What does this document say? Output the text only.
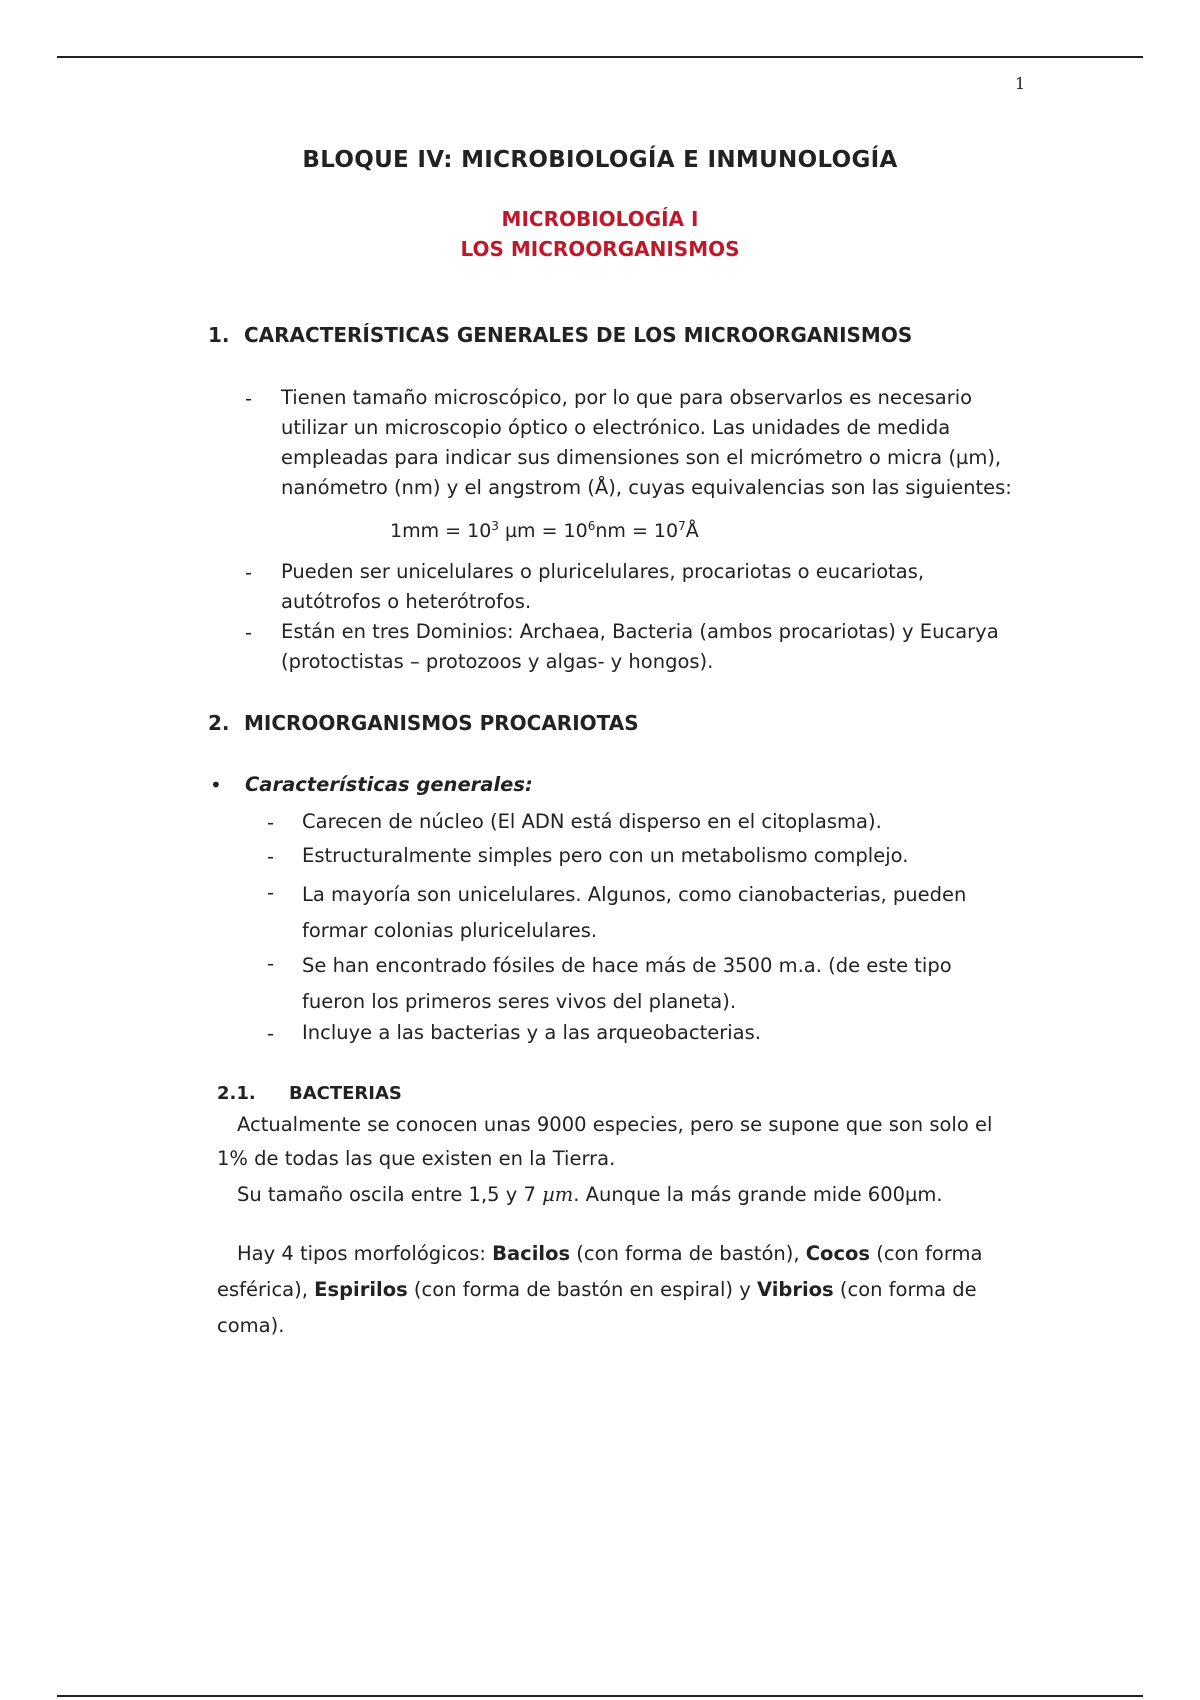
1
BLOQUE IV: MICROBIOLOGÍA E INMUNOLOGÍA
MICROBIOLOGÍA I
LOS MICROORGANISMOS
1. CARACTERÍSTICAS GENERALES DE LOS MICROORGANISMOS
- Tienen tamaño microscópico, por lo que para observarlos es necesario utilizar un microscopio óptico o electrónico. Las unidades de medida empleadas para indicar sus dimensiones son el micrómetro o micra (µm), nanómetro (nm) y el angstrom (Å), cuyas equivalencias son las siguientes:

$1mm = 10^3$ $\mu m = 10^6nm$ = $10^7Å$
- Pueden ser unicelulares o pluricelulares, procariotas o eucariotas, autótrofos o heterótrofos.

- Están en tres Dominios: Archaea, Bacteria (ambos procariotas) y Eucarya (protoctistas – protozoos y algas- y hongos).

2. MICROORGANISMOS PROCARIOTAS
• Características generales:
- Carecen de núcleo (El ADN está disperso en el citoplasma).

- Estructuralmente simples pero con un metabolismo complejo.

- La mayoría son unicelulares. Algunos, como cianobacterias, pueden formar colonias pluricelulares.

- Se han encontrado fósiles de hace más de 3500 m.a. (de este tipo fueron los primeros seres vivos del planeta).

- Incluye a las bacterias y a las arqueobacterias.

2.1. BACTERIAS

Actualmente se conocen unas 9000 especies, pero se supone que son solo el 1% de todas las que existen en la Tierra.

Su tamaño oscila entre 1,5 y 7 µm. Aunque la más grande mide 600µm.

Hay 4 tipos morfológicos: Bacilos (con forma de bastón), Cocos (con forma esférica), Espirilos (con forma de bastón en espiral) y Vibrios (con forma de coma).
